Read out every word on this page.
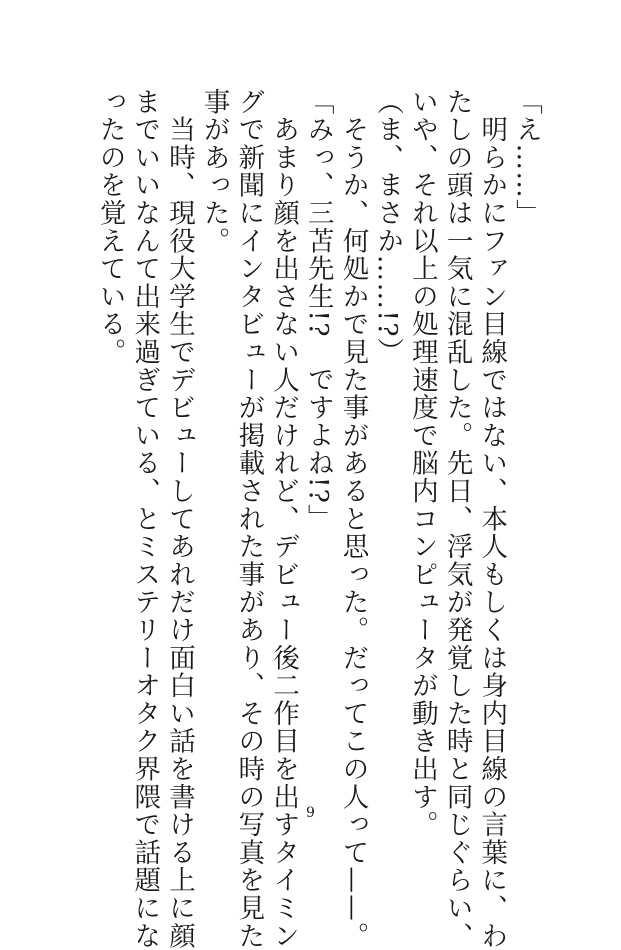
「え……」
　明らかにファン目線ではない、本人もしくは身内目線の言葉に、わ
たしの頭は一気に混乱した。先日、浮気が発覚した時と同じぐらい、
いや、それ以上の処理速度で脳内コンピュータが動き出す。
（ま、まさか……!?）
　そうか、何処かで見た事があると思った。だってこの人って——。
「みっ、三苫先生!?　ですよね!?」
　あまり顔を出さない人だけれど、デビュー後二作目を出すタイミン
グで新聞にインタビューが掲載された事があり、その時の写真を見た
事があった。
　当時、現役大学生でデビューしてあれだけ面白い話を書ける上に顔
までいいなんて出来過ぎている、とミステリーオタク界隈で話題にな
ったのを覚えている。
9
